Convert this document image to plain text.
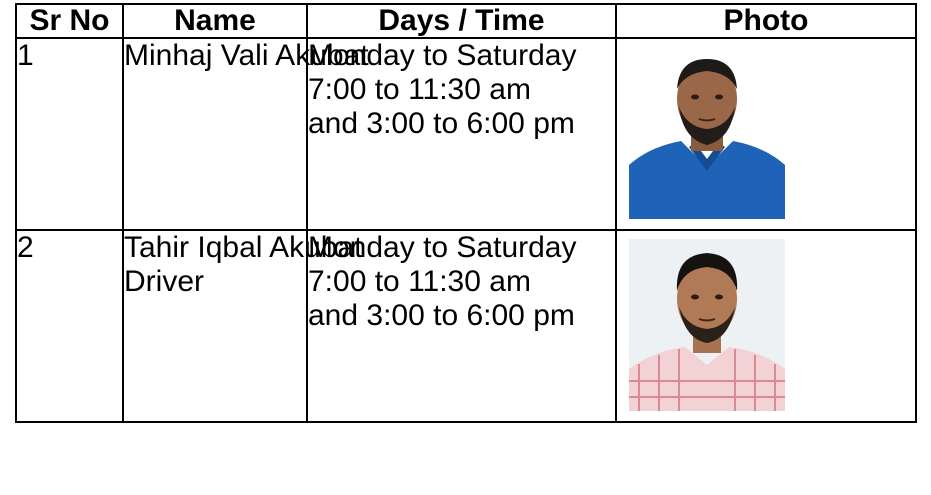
Sr No	Name	Days / Time	Photo

1	Minhaj Vali Akubat	Monday to Saturday
7:00 to 11:30 am
and 3:00 to 6:00 pm

2	Tahir Iqbal Akubat
Driver	Monday to Saturday
7:00 to 11:30 am
and 3:00 to 6:00 pm
